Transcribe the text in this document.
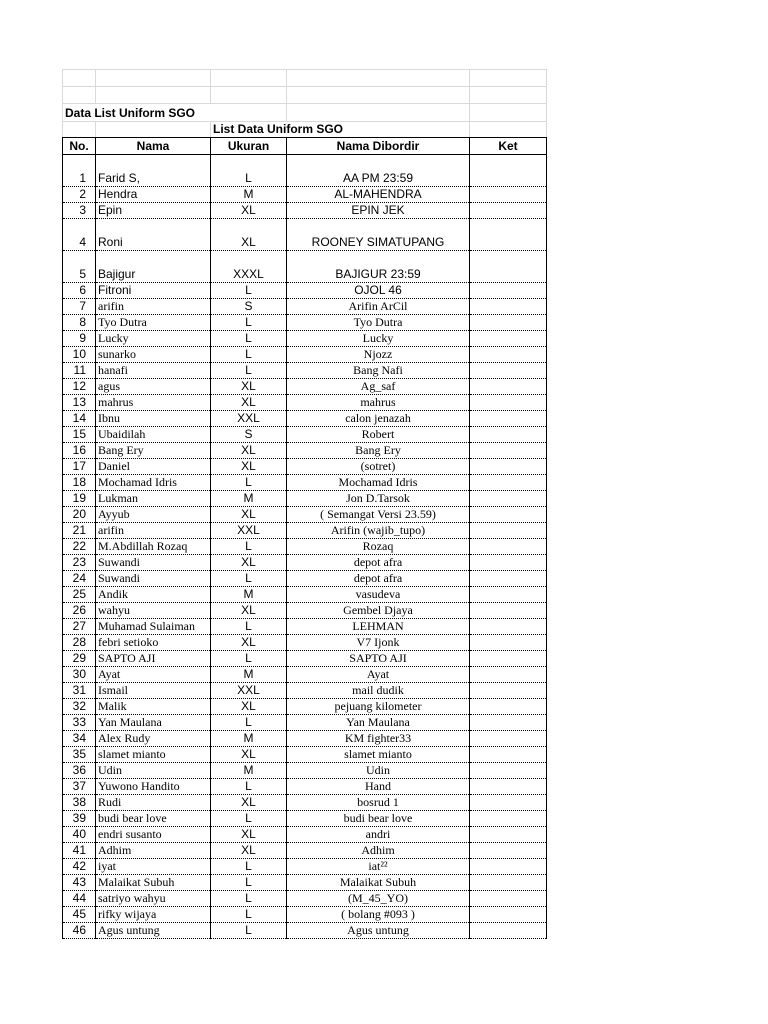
Data List Uniform SGO				
		List Data Uniform SGO		
No.	Nama	Ukuran	Nama Dibordir	Ket
1	Farid S,	L	AA PM 23:59	
2	Hendra	M	AL-MAHENDRA	
3	Epin	XL	EPIN JEK	
4	Roni	XL	ROONEY SIMATUPANG	
5	Bajigur	XXXL	BAJIGUR 23:59	
6	Fitroni	L	OJOL 46	
7	arifin	S	Arifin ArCil	
8	Tyo Dutra	L	Tyo Dutra	
9	Lucky	L	Lucky	
10	sunarko	L	Njozz	
11	hanafi	L	Bang Nafi	
12	agus	XL	Ag_saf	
13	mahrus	XL	mahrus	
14	Ibnu	XXL	calon jenazah	
15	Ubaidilah	S	Robert	
16	Bang Ery	XL	Bang Ery	
17	Daniel	XL	(sotret)	
18	Mochamad Idris	L	Mochamad Idris	
19	Lukman	M	Jon D.Tarsok	
20	Ayyub	XL	( Semangat Versi 23.59)	
21	arifin	XXL	Arifin (wajib_tupo)	
22	M.Abdillah Rozaq	L	Rozaq	
23	Suwandi	XL	depot afra	
24	Suwandi	L	depot afra	
25	Andik	M	vasudeva	
26	wahyu	XL	Gembel Djaya	
27	Muhamad Sulaiman	L	LEHMAN	
28	febri setioko	XL	V7 Ijonk	
29	SAPTO AJI	L	SAPTO AJI	
30	Ayat	M	Ayat	
31	Ismail	XXL	mail dudik	
32	Malik	XL	pejuang kilometer	
33	Yan Maulana	L	Yan Maulana	
34	Alex Rudy	M	KM fighter33	
35	slamet mianto	XL	slamet mianto	
36	Udin	M	Udin	
37	Yuwono Handito	L	Hand	
38	Rudi	XL	bosrud 1	
39	budi bear love	L	budi bear love	
40	endri susanto	XL	andri	
41	Adhim	XL	Adhim	
42	iyat	L	iat²²	
43	Malaikat Subuh	L	Malaikat Subuh	
44	satriyo wahyu	L	(M_45_YO)	
45	rifky wijaya	L	( bolang #093 )	
46	Agus untung	L	Agus untung	
